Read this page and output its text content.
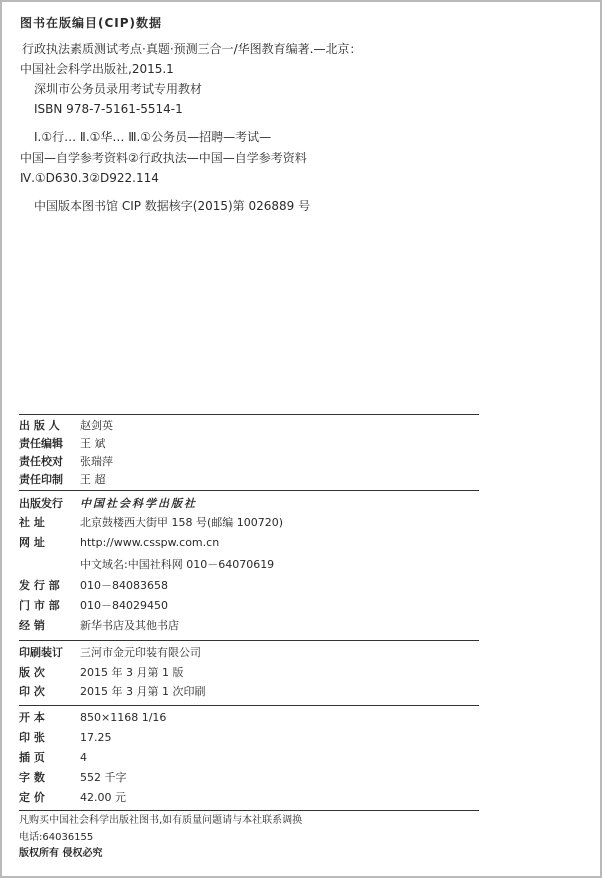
图书在版编目(CIP)数据
行政执法素质测试考点·真题·预测三合一/华图教育编著.—北京：
中国社会科学出版社,2015.1
深圳市公务员录用考试专用教材
ISBN 978-7-5161-5514-1
Ⅰ.①行… Ⅱ.①华… Ⅲ.①公务员—招聘—考试—
中国—自学参考资料②行政执法—中国—自学参考资料
Ⅳ.①D630.3②D922.114
中国版本图书馆 CIP 数据核字(2015)第 026889 号
出 版 人 赵剑英
责任编辑 王 斌
责任校对 张瑞萍
责任印制 王 超
出版发行 中国社会科学出版社
社 址	北京鼓楼西大街甲 158 号(邮编 100720)
网 址	http://www.csspw.com.cn
中文域名:中国社科网 010－64070619
发 行 部 010－84083658
门 市 部 010－84029450
经 销	新华书店及其他书店
印刷装订 三河市金元印装有限公司
版 次	2015 年 3 月第 1 版
印 次	2015 年 3 月第 1 次印刷
开 本	850×1168 1/16
印 张	17.25
插 页	4
字 数	552 千字
定 价	42.00 元
凡购买中国社会科学出版社图书,如有质量问题请与本社联系调换
电话:64036155
版权所有 侵权必究
